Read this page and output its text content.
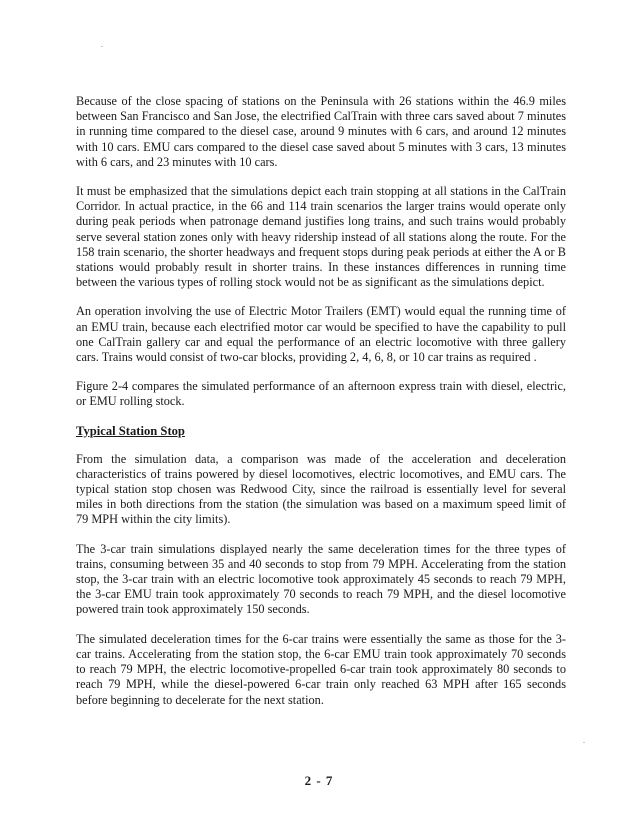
Because of the close spacing of stations on the Peninsula with 26 stations within the 46.9 miles between San Francisco and San Jose, the electrified CalTrain with three cars saved about 7 minutes in running time compared to the diesel case, around 9 minutes with 6 cars, and around 12 minutes with 10 cars. EMU cars compared to the diesel case saved about 5 minutes with 3 cars, 13 minutes with 6 cars, and 23 minutes with 10 cars.

It must be emphasized that the simulations depict each train stopping at all stations in the CalTrain Corridor. In actual practice, in the 66 and 114 train scenarios the larger trains would operate only during peak periods when patronage demand justifies long trains, and such trains would probably serve several station zones only with heavy ridership instead of all stations along the route. For the 158 train scenario, the shorter headways and frequent stops during peak periods at either the A or B stations would probably result in shorter trains. In these instances differences in running time between the various types of rolling stock would not be as significant as the simulations depict.

An operation involving the use of Electric Motor Trailers (EMT) would equal the running time of an EMU train, because each electrified motor car would be specified to have the capability to pull one CalTrain gallery car and equal the performance of an electric locomotive with three gallery cars. Trains would consist of two-car blocks, providing 2, 4, 6, 8, or 10 car trains as required .

Figure 2-4 compares the simulated performance of an afternoon express train with diesel, electric, or EMU rolling stock.

Typical Station Stop

From the simulation data, a comparison was made of the acceleration and deceleration characteristics of trains powered by diesel locomotives, electric locomotives, and EMU cars. The typical station stop chosen was Redwood City, since the railroad is essentially level for several miles in both directions from the station (the simulation was based on a maximum speed limit of 79 MPH within the city limits).

The 3-car train simulations displayed nearly the same deceleration times for the three types of trains, consuming between 35 and 40 seconds to stop from 79 MPH. Accelerating from the station stop, the 3-car train with an electric locomotive took approximately 45 seconds to reach 79 MPH, the 3-car EMU train took approximately 70 seconds to reach 79 MPH, and the diesel locomotive powered train took approximately 150 seconds.

The simulated deceleration times for the 6-car trains were essentially the same as those for the 3-car trains. Accelerating from the station stop, the 6-car EMU train took approximately 70 seconds to reach 79 MPH, the electric locomotive-propelled 6-car train took approximately 80 seconds to reach 79 MPH, while the diesel-powered 6-car train only reached 63 MPH after 165 seconds before beginning to decelerate for the next station.

2 - 7
